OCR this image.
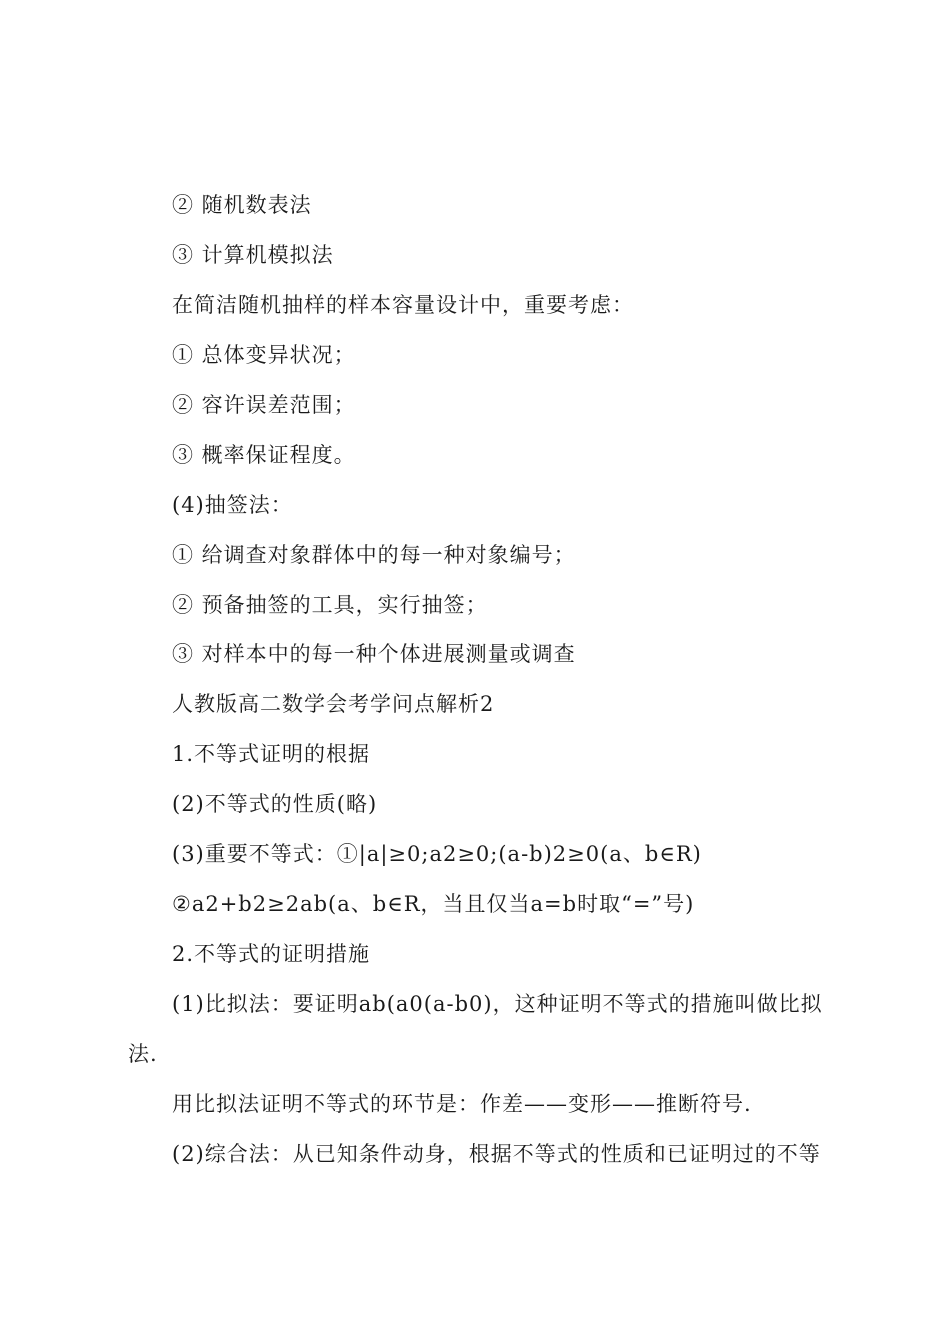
② 随机数表法
③ 计算机模拟法
在简洁随机抽样的样本容量设计中，重要考虑：
① 总体变异状况；
② 容许误差范围；
③ 概率保证程度。
(4)抽签法：
① 给调查对象群体中的每一种对象编号；
② 预备抽签的工具，实行抽签；
③ 对样本中的每一种个体进展测量或调查
人教版高二数学会考学问点解析2
1.不等式证明的根据
(2)不等式的性质(略)
(3)重要不等式：①|a|≥0;a2≥0;(a-b)2≥0(a、b∈R)
②a2+b2≥2ab(a、b∈R，当且仅当a=b时取“=”号)
2.不等式的证明措施
(1)比拟法：要证明ab(a0(a-b0)，这种证明不等式的措施叫做比拟
法.
用比拟法证明不等式的环节是：作差——变形——推断符号.
(2)综合法：从已知条件动身，根据不等式的性质和已证明过的不等
